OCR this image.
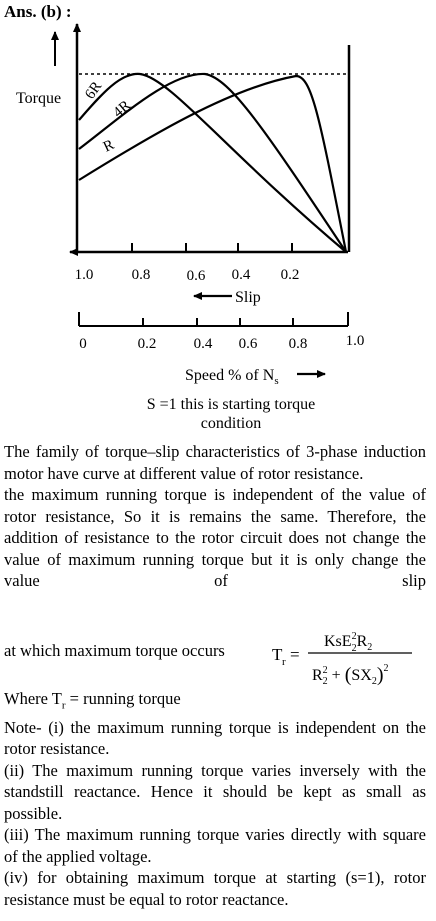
Ans. (b) :
Torque 6R
4R
R
1.0	0.8 0.6 0.4 0.2
Slip
0	0.2 0.4 0.6 0.8	1.0
Speed % of $N_s$
S =1 this is starting torque
condition

The family of torque–slip characteristics of 3-phase induction motor have curve at different value of rotor resistance.

the maximum running torque is independent of the value of rotor resistance, So it is remains the same. Therefore, the addition of resistance to the rotor circuit does not change the value of maximum running torque but it is only change the value of slip

at which maximum torque occurs	T r =
KsE$^2$ $2R_2$
$R^2$ $2 + (SX_2)^2$

Where $T_r$ = running torque

Note- (i) the maximum running torque is independent on the rotor resistance.

(ii) The maximum running torque varies inversely with the standstill reactance. Hence it should be kept as small as possible.

(iii) The maximum running torque varies directly with square of the applied voltage.

(iv) for obtaining maximum torque at starting (s=1), rotor resistance must be equal to rotor reactance.
